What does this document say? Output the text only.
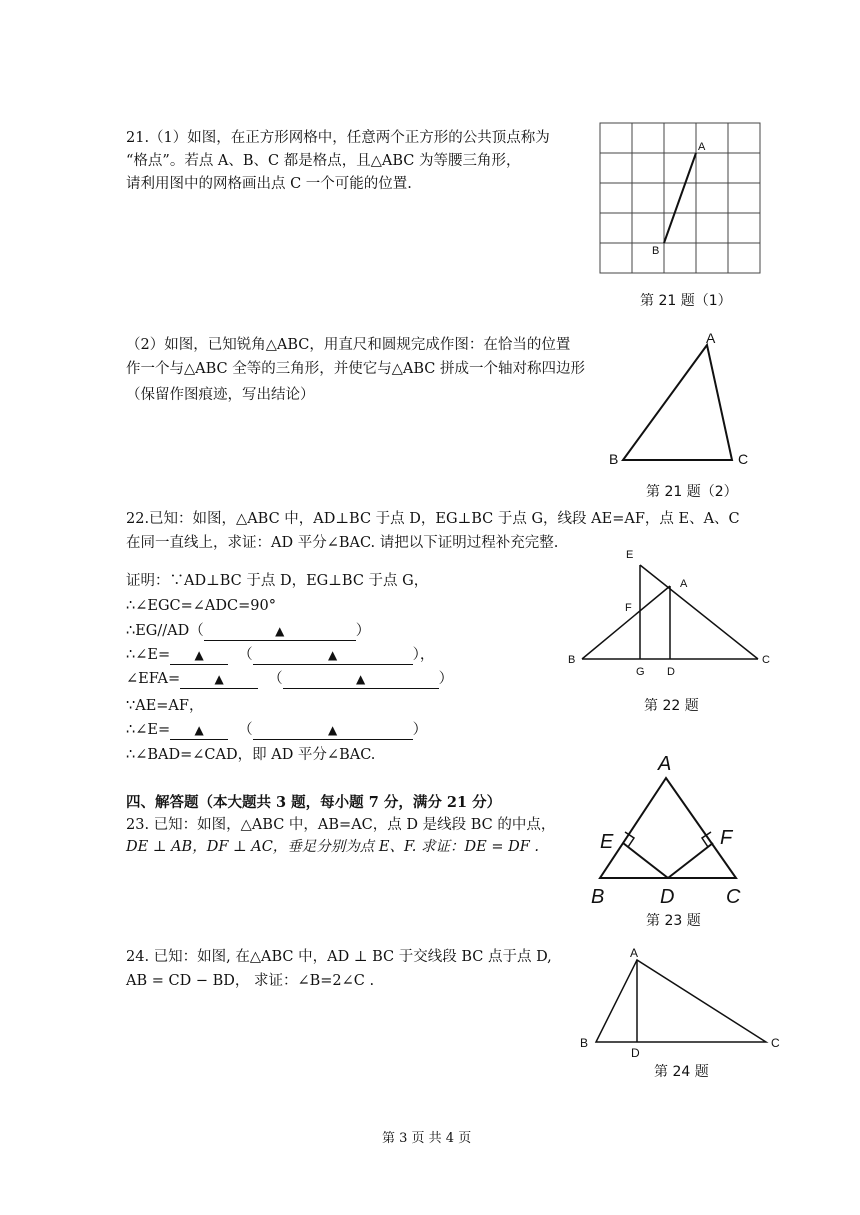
21.（1）如图，在正方形网格中，任意两个正方形的公共顶点称为
“格点”。若点 A、B、C 都是格点，且△ABC 为等腰三角形，
请利用图中的网格画出点 C 一个可能的位置.
A
B
第 21 题（1）
（2）如图，已知锐角△ABC，用直尺和圆规完成作图：在恰当的位置
作一个与△ABC 全等的三角形，并使它与△ABC 拼成一个轴对称四边形
（保留作图痕迹，写出结论）
A
B	C
第 21 题（2）
22.已知：如图，△ABC 中，AD⊥BC 于点 D，EG⊥BC 于点 G，线段 AE=AF，点 E、A、C
在同一直线上，求证：AD 平分∠BAC. 请把以下证明过程补充完整.
证明：∵AD⊥BC 于点 D，EG⊥BC 于点 G，
∴∠EGC=∠ADC=90°
∴EG//AD（	▲	）
∴∠E= ▲ （	▲	），
∠EFA=	▲	（	▲	）
∵AE=AF，
∴∠E= ▲ （	▲	）
∴∠BAD=∠CAD，即 AD 平分∠BAC.
E
A
F
B	C
G D
第 22 题
四、解答题（本大题共 3 题，每小题 7 分，满分 21 分）
23. 已知：如图，△ABC 中，AB=AC，点 D 是线段 BC 的中点，
DE ⊥ AB，DF ⊥ AC，垂足分别为点 E、F. 求证：DE = DF .
A
E	F
B	D	C
第 23 题
24. 已知：如图, 在△ABC 中，AD ⊥ BC 于交线段 BC 点于点 D,
AB = CD − BD， 求证：∠B=2∠C .
A
B
D
C
第 24 题
第 3 页 共 4 页
